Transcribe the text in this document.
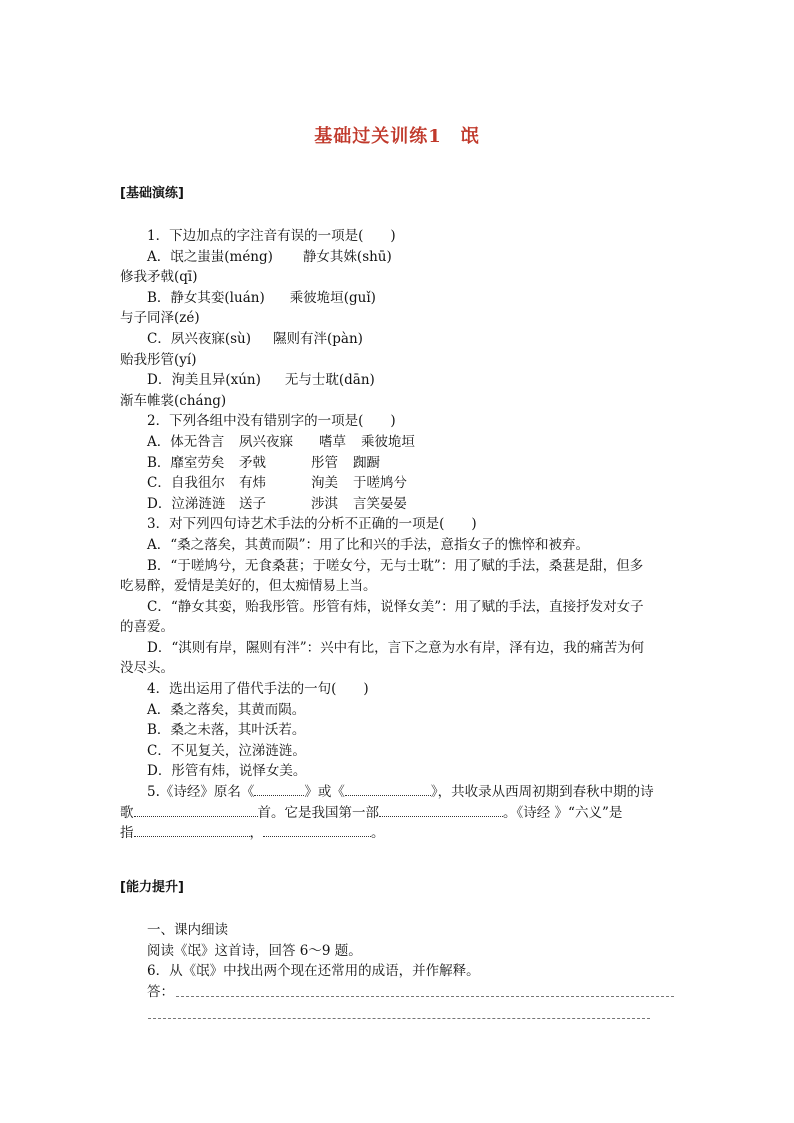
基础过关训练1　氓
[基础演练]
1．下边加点的字注音有误的一项是(　　)
A．氓之蚩蚩(méng) 静女其姝(shū)
修我矛戟(qī)
B．静女其娈(luán) 乘彼垝垣(guǐ)
与子同泽(zé)
C．夙兴夜寐(sù) 隰则有泮(pàn)
贻我彤管(yí)
D．洵美且异(xún) 无与士耽(dān)
渐车帷裳(cháng)
2．下列各组中没有错别字的一项是(　　)
A．体无咎言 夙兴夜寐 嗜草 乘彼垝垣
B．靡室劳矣 矛戟	彤管 踟蹰
C．自我徂尔 有炜	洵美 于嗟鸠兮
D．泣涕涟涟 送子	涉淇 言笑晏晏
3．对下列四句诗艺术手法的分析不正确的一项是(　　)
A．“桑之落矣，其黄而陨”：用了比和兴的手法，意指女子的憔悴和被弃。
B．“于嗟鸠兮，无食桑葚；于嗟女兮，无与士耽”：用了赋的手法，桑葚是甜，但多
吃易醉，爱情是美好的，但太痴情易上当。
C．“静女其娈，贻我彤管。彤管有炜，说怿女美”：用了赋的手法，直接抒发对女子
的喜爱。
D．“淇则有岸，隰则有泮”：兴中有比，言下之意为水有岸，泽有边，我的痛苦为何
没尽头。
4．选出运用了借代手法的一句(　　)
A．桑之落矣，其黄而陨。
B．桑之未落，其叶沃若。
C．不见复关，泣涕涟涟。
D．彤管有炜，说怿女美。
5.《诗经》原名《	》或《	》，共收录从西周初期到春秋中期的诗
歌	首。它是我国第一部	。《诗经 》“六义”是
指	，	。
[能力提升]
一、课内细读
阅读《氓》这首诗，回答 6～9 题。
6．从《氓》中找出两个现在还常用的成语，并作解释。
答：
